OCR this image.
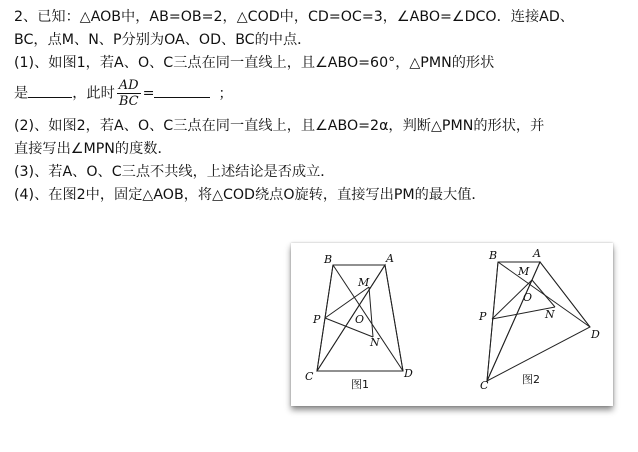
2、已知：△AOB中，AB=OB=2，△COD中，CD=OC=3，∠ABO=∠DCO．连接AD、
BC，点M、N、P分别为OA、OD、BC的中点．
(1)、如图1，若A、O、C三点在同一直线上，且∠ABO=60°，△PMN的形状
是	，此时 $\frac{AD}{BC}$ =	；
(2)、如图2，若A、O、C三点在同一直线上，且∠ABO=2α，判断△PMN的形状，并
直接写出∠MPN的度数．
(3)、若A、O、C三点不共线，上述结论是否成立．
(4)、在图2中，固定△AOB，将△COD绕点O旋转，直接写出PM的最大值．
B	A
M
P	O
N
C	D
图1
B	A
M
P
O
N
C
D
图2
